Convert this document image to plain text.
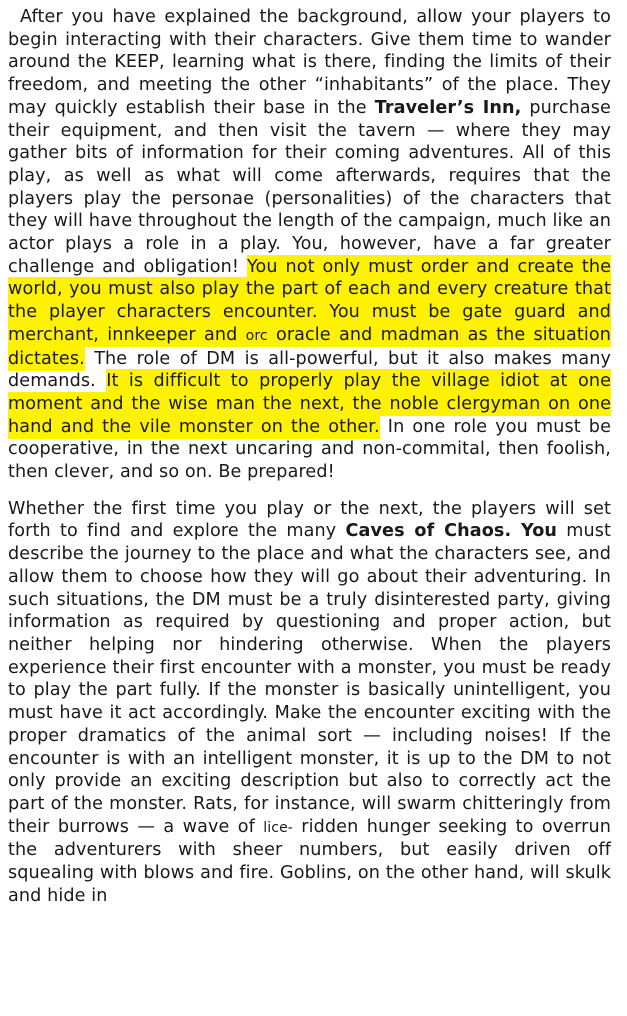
After you have explained the background, allow your players to begin interacting with their characters. Give them time to wander around the KEEP, learning what is there, finding the limits of their freedom, and meeting the other “inhabitants” of the place. They may quickly establish their base in the Traveler’s Inn, purchase their equipment, and then visit the tavern — where they may gather bits of information for their coming adventures. All of this play, as well as what will come afterwards, requires that the players play the personae (personalities) of the characters that they will have throughout the length of the campaign, much like an actor plays a role in a play. You, however, have a far greater challenge and obligation! You not only must order and create the world, you must also play the part of each and every creature that the player characters encounter. You must be gate guard and merchant, innkeeper and orc oracle and madman as the situation dictates. The role of DM is all-powerful, but it also makes many demands. It is difficult to properly play the village idiot at one moment and the wise man the next, the noble clergyman on one hand and the vile monster on the other. In one role you must be cooperative, in the next uncaring and non-commital, then foolish, then clever, and so on. Be prepared!

Whether the first time you play or the next, the players will set forth to find and explore the many Caves of Chaos. You must describe the journey to the place and what the characters see, and allow them to choose how they will go about their adventuring. In such situations, the DM must be a truly disinterested party, giving information as required by questioning and proper action, but neither helping nor hindering otherwise. When the players experience their first encounter with a monster, you must be ready to play the part fully. If the monster is basically unintelligent, you must have it act accordingly. Make the encounter exciting with the proper dramatics of the animal sort — including noises! If the encounter is with an intelligent monster, it is up to the DM to not only provide an exciting description but also to correctly act the part of the monster. Rats, for instance, will swarm chitteringly from their burrows — a wave of lice- ridden hunger seeking to overrun the adventurers with sheer numbers, but easily driven off squealing with blows and fire. Goblins, on the other hand, will skulk and hide in
